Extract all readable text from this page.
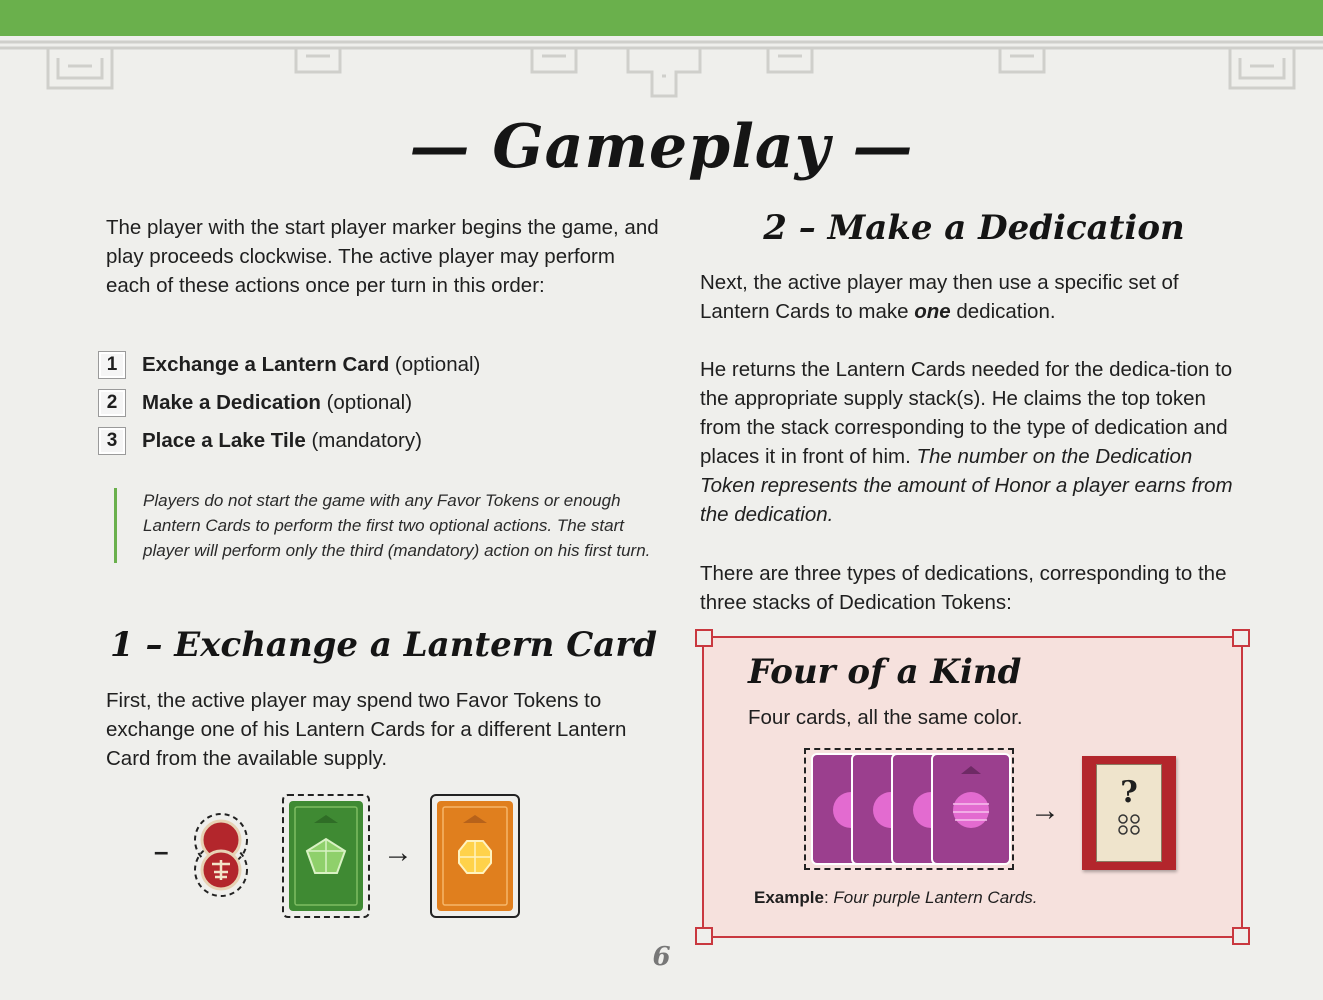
— Gameplay —

The player with the start player marker begins the game, and play proceeds clockwise. The active player may perform each of these actions once per turn in this order:

1	Exchange a Lantern Card
(optional)
2	Make a Dedication
(optional)
3	Place a Lake Tile
(mandatory)
Players do not start the game with any Favor Tokens or enough Lantern Cards to perform the first two optional actions. The start player will perform only the third (mandatory) action on his first turn.
1 – Exchange a Lantern Card

First, the active player may spend two Favor Tokens to exchange one of his Lantern Cards for a different Lantern Card from the available supply.

–	→
2 – Make a Dedication

Next, the active player may then use a specific set of Lantern Cards to make one dedication.

He returns the Lantern Cards needed for the dedica-tion to the appropriate supply stack(s). He claims the top token from the stack corresponding to the type of dedication and places it in front of him. The number on the Dedication Token represents the amount of Honor a player earns from the dedication.

There are three types of dedications, corresponding to the three stacks of Dedication Tokens:

Four of a Kind
Four cards, all the same color.
→
?
Example: Four purple Lantern Cards.
6
